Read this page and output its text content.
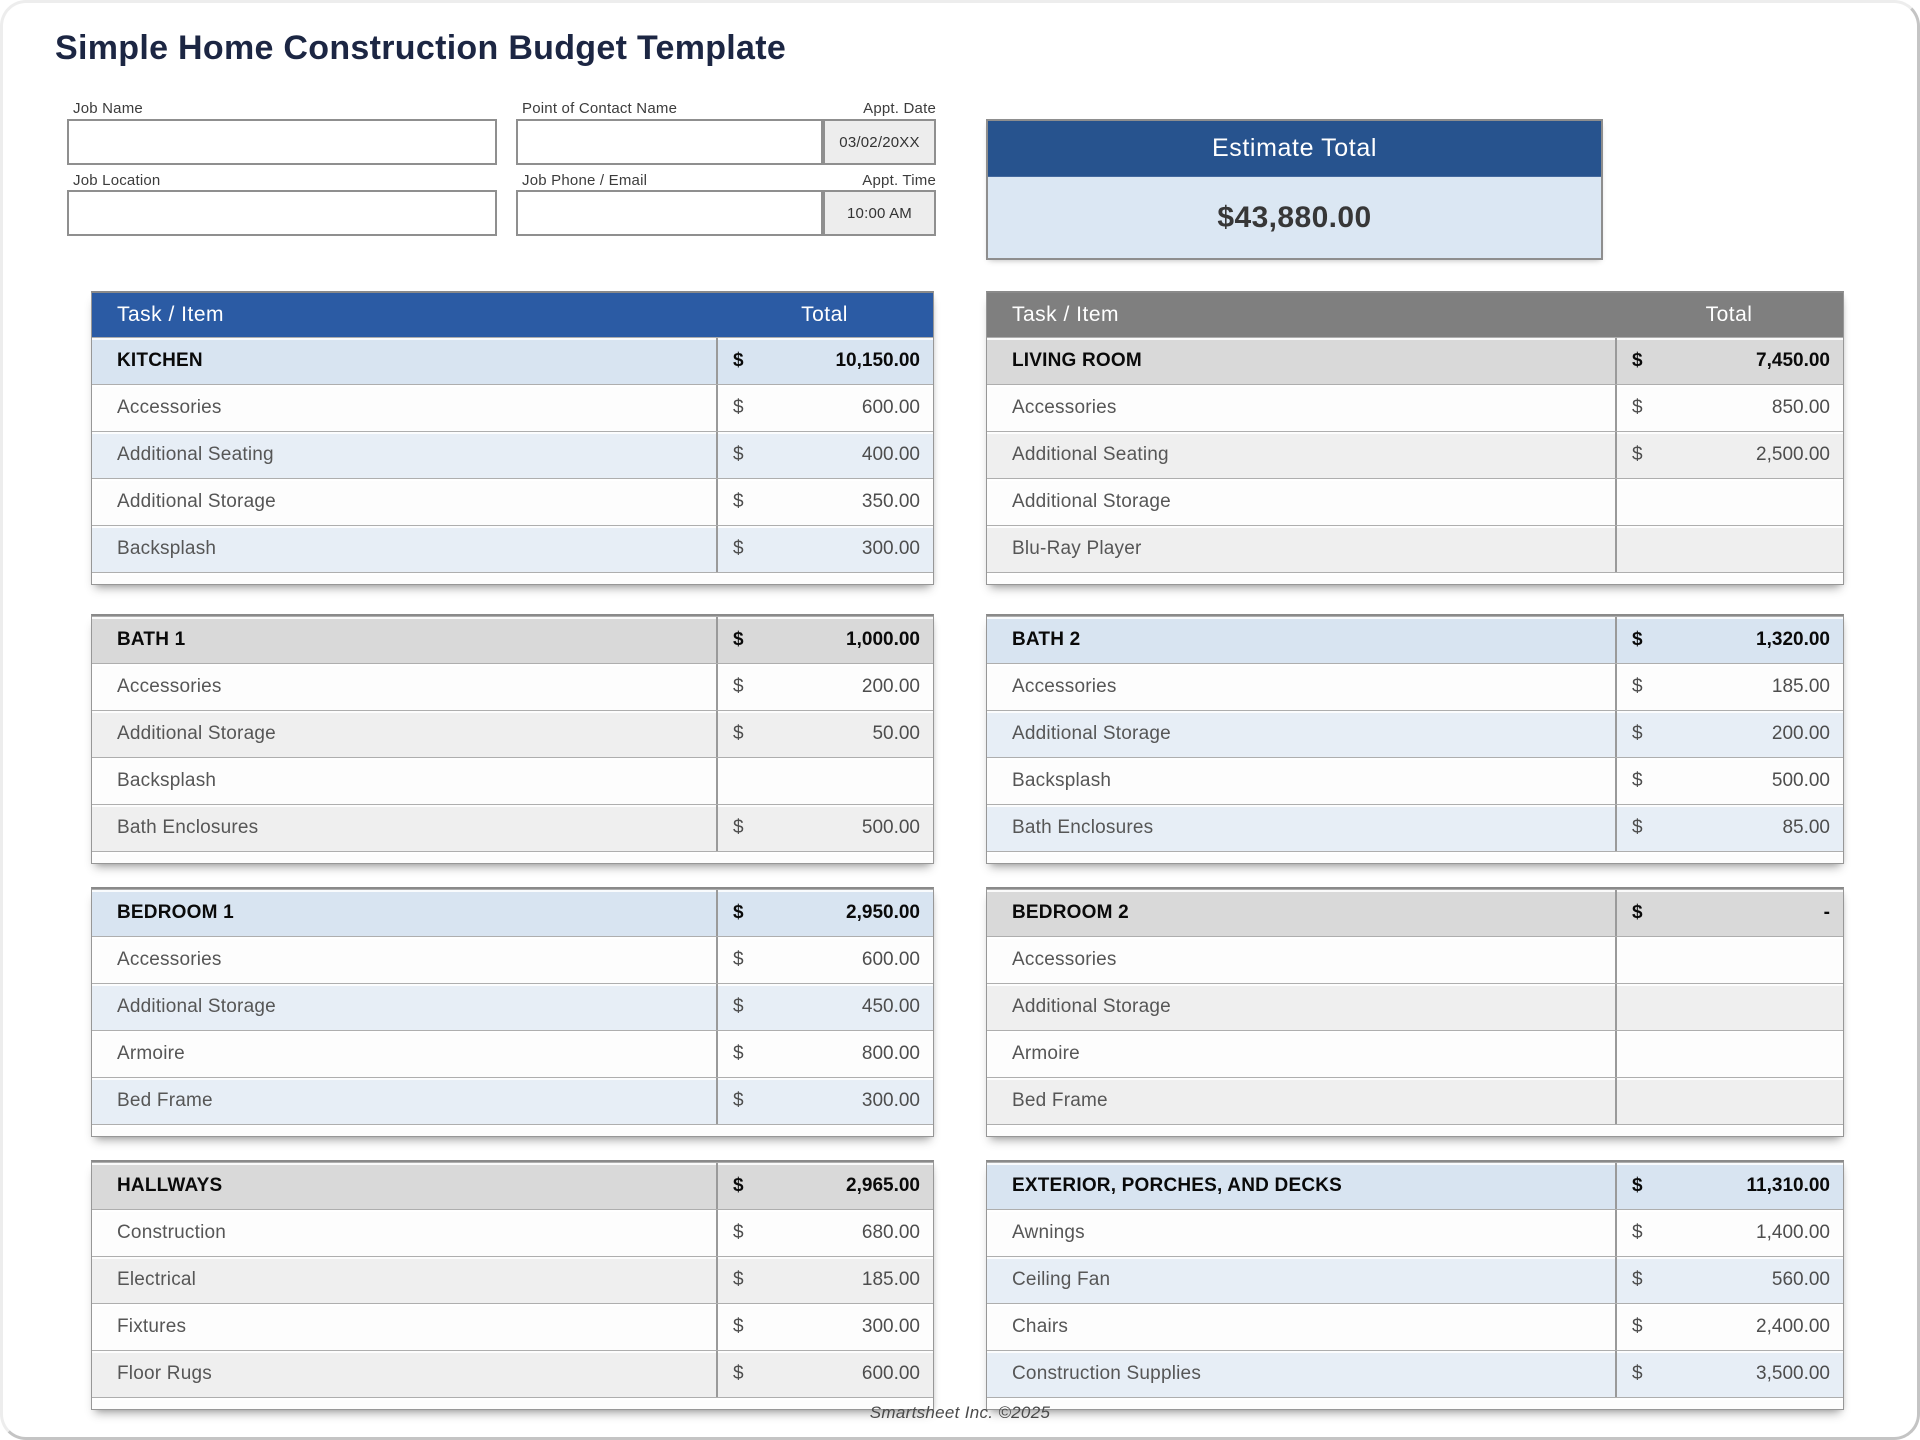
Simple Home Construction Budget Template
Job Name
Job Location
Point of Contact Name	Appt. Date
03/02/20XX
Job Phone / Email	Appt. Time
10:00 AM
Estimate Total
$43,880.00
Task / Item	Total
KITCHEN	$	10,150.00
Accessories	$	600.00
Additional Seating	$	400.00
Additional Storage	$	350.00
Backsplash	$	300.00
Task / Item	Total
LIVING ROOM	$	7,450.00
Accessories	$	850.00
Additional Seating	$	2,500.00
Additional Storage
Blu-Ray Player
BATH 1	$	1,000.00
Accessories	$	200.00
Additional Storage	$	50.00
Backsplash
Bath Enclosures	$	500.00
BATH 2	$	1,320.00
Accessories	$	185.00
Additional Storage	$	200.00
Backsplash	$	500.00
Bath Enclosures	$	85.00
BEDROOM 1	$	2,950.00
Accessories	$	600.00
Additional Storage	$	450.00
Armoire	$	800.00
Bed Frame	$	300.00
BEDROOM 2	$	-
Accessories
Additional Storage
Armoire
Bed Frame
HALLWAYS	$	2,965.00
Construction	$	680.00
Electrical	$	185.00
Fixtures	$	300.00
Floor Rugs	$	600.00
EXTERIOR, PORCHES, AND DECKS	$	11,310.00
Awnings	$	1,400.00
Ceiling Fan	$	560.00
Chairs	$	2,400.00
Construction Supplies	$	3,500.00
Smartsheet Inc. ©2025
